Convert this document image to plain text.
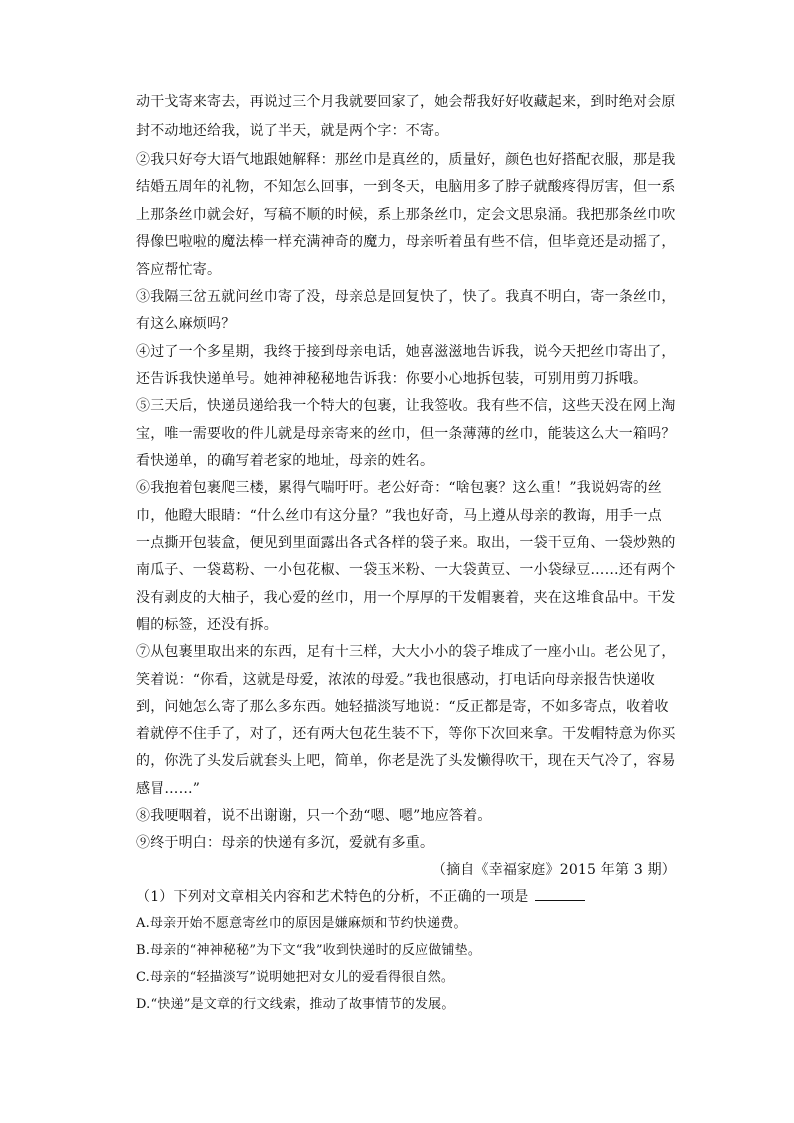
动干戈寄来寄去，再说过三个月我就要回家了，她会帮我好好收藏起来，到时绝对会原
封不动地还给我，说了半天，就是两个字：不寄。
②我只好夸大语气地跟她解释：那丝巾是真丝的，质量好，颜色也好搭配衣服，那是我
结婚五周年的礼物，不知怎么回事，一到冬天，电脑用多了脖子就酸疼得厉害，但一系
上那条丝巾就会好，写稿不顺的时候，系上那条丝巾，定会文思泉涌。我把那条丝巾吹
得像巴啦啦的魔法棒一样充满神奇的魔力，母亲听着虽有些不信，但毕竟还是动摇了，
答应帮忙寄。
③我隔三岔五就问丝巾寄了没，母亲总是回复快了，快了。我真不明白，寄一条丝巾，
有这么麻烦吗？
④过了一个多星期，我终于接到母亲电话，她喜滋滋地告诉我，说今天把丝巾寄出了，
还告诉我快递单号。她神神秘秘地告诉我：你要小心地拆包装，可别用剪刀拆哦。
⑤三天后，快递员递给我一个特大的包裹，让我签收。我有些不信，这些天没在网上淘
宝，唯一需要收的件儿就是母亲寄来的丝巾，但一条薄薄的丝巾，能装这么大一箱吗？
看快递单，的确写着老家的地址，母亲的姓名。
⑥我抱着包裹爬三楼，累得气喘吁吁。老公好奇：“啥包裹？这么重！”我说妈寄的丝
巾，他瞪大眼睛：“什么丝巾有这分量？”我也好奇，马上遵从母亲的教诲，用手一点
一点撕开包装盒，便见到里面露出各式各样的袋子来。取出，一袋干豆角、一袋炒熟的
南瓜子、一袋葛粉、一小包花椒、一袋玉米粉、一大袋黄豆、一小袋绿豆……还有两个
没有剥皮的大柚子，我心爱的丝巾，用一个厚厚的干发帽裹着，夹在这堆食品中。干发
帽的标签，还没有拆。
⑦从包裹里取出来的东西，足有十三样，大大小小的袋子堆成了一座小山。老公见了，
笑着说：“你看，这就是母爱，浓浓的母爱。”我也很感动，打电话向母亲报告快递收
到，问她怎么寄了那么多东西。她轻描淡写地说：“反正都是寄，不如多寄点，收着收
着就停不住手了，对了，还有两大包花生装不下，等你下次回来拿。干发帽特意为你买
的，你洗了头发后就套头上吧，简单，你老是洗了头发懒得吹干，现在天气冷了，容易
感冒……”
⑧我哽咽着，说不出谢谢，只一个劲“嗯、嗯”地应答着。
⑨终于明白：母亲的快递有多沉，爱就有多重。
（摘自《幸福家庭》2015 年第 3 期）
（1）下列对文章相关内容和艺术特色的分析，不正确的一项是
A.母亲开始不愿意寄丝巾的原因是嫌麻烦和节约快递费。
B.母亲的“神神秘秘”为下文“我”收到快递时的反应做铺垫。
C.母亲的“轻描淡写”说明她把对女儿的爱看得很自然。
D.“快递”是文章的行文线索，推动了故事情节的发展。
